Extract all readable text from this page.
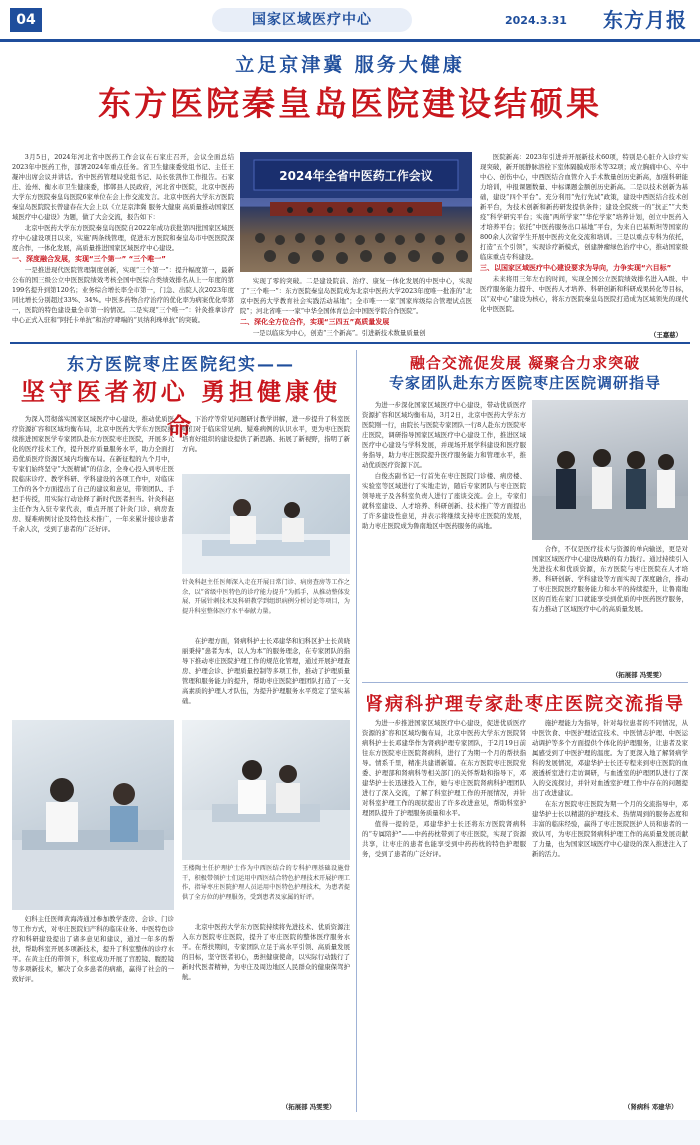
04	国家区域医疗中心	2024.3.31	东方月报
立足京津冀 服务大健康
东方医院秦皇岛医院建设结硕果

3月5日，2024年河北省中医药工作会议在石家庄召开，会议全面总结2023年中医药工作，部署2024年重点任务。省卫生健康委党组书记、主任王凝冲出席会议并讲话。省中医药管理局党组书记、局长张凯作工作报告。石家庄、沧州、衡水市卫生健康委，邯郸县人民政府，河北省中医院，北京中医药大学东方医院秦皇岛医院6家单位在会上作交流发言。北京中医药大学东方医院秦皇岛医院院长曾建春在大会上以《立足京津冀 服务大健康 高质量推动国家区域医疗中心建设》为题，做了大会交流，报告如下：

北京中医药大学东方医院秦皇岛医院自2022年成功获批第四批国家区域医疗中心建设项目以来，实施'两条线管理，促进东方医院和秦皇岛市中医医院深度合作，一体化发展，高质量推进国家区域医疗中心建设。

一、深度融合发展，实现“三个第一” “三个唯一”

一是推进现代医院管理制度创新，实现“三个第一”：提升幅度第一，最新公布的国三级公立中医医院绩效考核全国中医综合类绩效排名从上一年度的第199名提升到第120名；业务综合增长率全市第一，门急、出院人次2023年度同比增长分别超过33%、34%。中医多药物合疗治疗的优化率为病案优化率第一，医院的特色建设量全市第一的情况。二是实现“三个唯一”：针灸推拿诊疗中心正式入驻和“阿托卡单抗”和治疗哮喘的“贝纳利珠单抗”的突破。

2024年全省中医药工作会议

实现了零的突破。二是建设院前、治疗、康复一体化发展的中医中心，实现了“三个唯一”：东方医院秦皇岛医院成为北京中医药大学2023年度唯一批准的“北京中医药大学教育社会实践活动基地”；全市唯一一家“国家库级综合管理试点医院”；河北省唯一一家“中华全国体育总会中国医学院合作医院”。

二、深化全方位合作，实现“三四五”高质量发展

一是以临床为中心，创造“三个新高”。引进新技术数量质量创

医院新高：2023年引进并开展新技术60项，特别是心脏介入诊疗实现突破，新开展静脉溶栓下室体隔膜成形术等32项；成立胸痛中心、卒中中心、创伤中心，中西医结合血管介入手术数量创历史新高，加强科研能力培训，申报课题数量、中标课题金额创历史新高。二是以技术创新为基础，建设“四个平台”。充分利用“先行先试”政策，建设中西医结合技术创新平台，为技术创新和新药研发提供条件；建设全院统一的“抗正”“大类疫”科学研究平台；实施“两所学家”“华佗学家”培养计划，创立中医药入才培养平台；依托“中医药服务出口基地”平台，为来自巴基斯坦等国家的800余人次留学生开展中医药文化交流和培训。三是以重点专科为依托，打造“五个引领”，实现诊疗新模式，创建肿瘤绿色治疗中心，推动国家级临床重点专科建设。

三、以国家区域医疗中心建设要求为导向，力争实现“六目标”

未来将用三年左右的时间，实现全国公立医院绩效排名进入A级、中医疗服务能力提升、中医药人才培养、科研创新和科研成果转化等目标，以“双中心”建设为核心，将东方医院秦皇岛医院打造成为区域领先的现代化中医医院。

（王嘉慈）
东方医院枣庄医院纪实——
坚守医者初心 勇担健康使命

为深入贯彻落实国家区域医疗中心建设，推动优质医疗资源扩容和区域均衡布局，北京中医药大学东方医院持续推进国家医学专家团队赴东方医院枣庄医院，开展多元化的医疗技术工作，提升医疗质量服务水平，助力全面打造优质医疗资源区域内均衡布局。在新征程的九个月中，专家们始终坚守“大医精诚”的信念，全身心投入到枣庄医院临床诊疗、教学科研、学科建设的各项工作中，对临床工作的各个方面提出了自己的建议和意见，带领团队、手把手传授，用实际行动诠释了新时代医者担当。针灸科赵主任作为入驻专家代表，重点开展了针灸门诊、病房查房、疑难病例讨论及特色技术推广，一年来累计接诊患者千余人次，受到了患者的广泛好评。

下治疗等常见问题研讨教学讲解，进一步提升了科室医师们对于临床常见病、疑难病例的认识水平，更为枣庄医院培育好组织的建设提供了新思路、拓展了新视野，指明了新方向。

针灸科赵主任医师深入走在开展日常门诊、病房查房等工作之余，以“省级中医特色的诊疗能力提升”为抓手，从推动整体发展、开展针刺技术及科研教学到组织病例分析讨论等项目，为提升科室整体医疗水平奉献力量。

在护理方面，肾病科护士长邓建华和妇科区护士长黄晓丽秉持“患者为本，以人为本”的服务理念，在专家团队的指导下推动枣庄医院护理工作的规范化管理，通过开展护理查房、护理会诊、护理质量控制等多项工作，推动了护理质量管理和服务能力的提升，帮助枣庄医院护理团队打造了一支高素质的护理人才队伍，为提升护理服务水平奠定了坚实基础。

妇科主任医师黄海涛通过参加教学查房、会诊、门诊等工作方式，对枣庄医院妇产科的临床业务、中医特色诊疗和科研建设提出了诸多意见和建议，通过一年多的帮扶，帮助科室开展多项新技术，提升了科室整体的诊疗水平。在黄主任的带领下，科室成功开展了宫腔镜、腹腔镜等多项新技术，解决了众多患者的病痛，赢得了社会的一致好评。

王楼陶主任护理护士作为中西医结合的专科护理基础设施骨干，积极带领护士们运用中西医结合特色护理技术开展护理工作，指导枣庄医院护理人员运用中医特色护理技术，为患者提供了全方位的护理服务，受到患者及家属的好评。

北京中医药大学东方医院持续将先进技术、优质资源注入东方医院枣庄医院，提升了枣庄医院的整体医疗服务水平。在帮扶期间，专家团队立足于高水平引领、高质量发展的目标，坚守医者初心，勇担健康使命，以实际行动践行了新时代医者精神，为枣庄及周边地区人民群众的健康保驾护航。

（拓展部 冯雯雯）
融合交流促发展 凝聚合力求突破
专家团队赴东方医院枣庄医院调研指导

为进一步深化国家区域医疗中心建设，带动优质医疗资源扩容和区域均衡布局，3月2日，北京中医药大学东方医院刚一行，由院长与医院专家团队一行8人赴东方医院枣庄医院，调研指导国家区域医疗中心建设工作，推进区域医疗中心建设与学科发展，并现场开展学科建设和医疗服务指导，助力枣庄医院提升医疗服务能力和管理水平，推动优质医疗资源下沉。

白俊杰副书记一行首先在枣庄医院门诊楼、病房楼、实验室等区域进行了实地走访，随后专家团队与枣庄医院领导班子及各科室负责人进行了座谈交流。会上，专家们就科室建设、人才培养、科研创新、技术推广等方面提出了许多建设性意见，并表示将继续支持枣庄医院的发展，助力枣庄医院成为鲁南地区中医药服务的高地。

合作，不仅是医疗技术与资源的单向输送，更是对国家区域医疗中心建设战略的有力践行。通过持续引入先进技术和优质资源，东方医院与枣庄医院在人才培养、科研创新、学科建设等方面实现了深度融合，推动了枣庄医院医疗服务能力和水平的持续提升，让鲁南地区的百姓在家门口就能享受到优质的中医药医疗服务，有力推动了区域医疗中心的高质量发展。

（拓展部 冯雯雯）
肾病科护理专家赴枣庄医院交流指导

为进一步推进国家区域医疗中心建设，促进优质医疗资源的扩容和区域均衡布局，北京中医药大学东方医院肾病科护士长邓建华作为肾病护理专家团队，于2月19日前往东方医院枣庄医院肾病科，进行了为期一个月的帮扶指导。情系千里，精准共建谱新篇。在东方医院枣庄医院党委、护理部和肾病科等相关部门的关怀帮助和指导下，邓建华护士长迅速投入工作，她与枣庄医院肾病科护理团队进行了深入交流，了解了科室护理工作的开展情况，并针对科室护理工作的现状提出了许多改进意见，帮助科室护理团队提升了护理服务质量和水平。

值得一提的是，邓建华护士长还将东方医院肾病科的“专属陪护”——中药药枕带到了枣庄医院，实现了资源共享，让枣庄的患者也能享受到中药药枕的特色护理服务，受到了患者的广泛好评。

施护理能力为指导，针对每位患者的不同情况，从中医饮食、中医护理适宜技术、中医情志护理、中医运动调护等多个方面提供个体化的护理服务，让患者及家属感受到了中医护理的温度。为了更深入地了解肾病学科的发展情况，邓建华护士长还专程来到枣庄医院的血液透析室进行走访调研，与血透室的护理团队进行了深入的交流探讨，并针对血透室护理工作中存在的问题提出了改进建议。

在东方医院枣庄医院为期一个月的交流指导中，邓建华护士长以精湛的护理技术、热情周到的服务态度和丰富的临床经验，赢得了枣庄医院医护人员和患者的一致认可，为枣庄医院肾病科护理工作的高质量发展贡献了力量，也为国家区域医疗中心建设的深入推进注入了新的活力。

（肾病科 邓建华）
